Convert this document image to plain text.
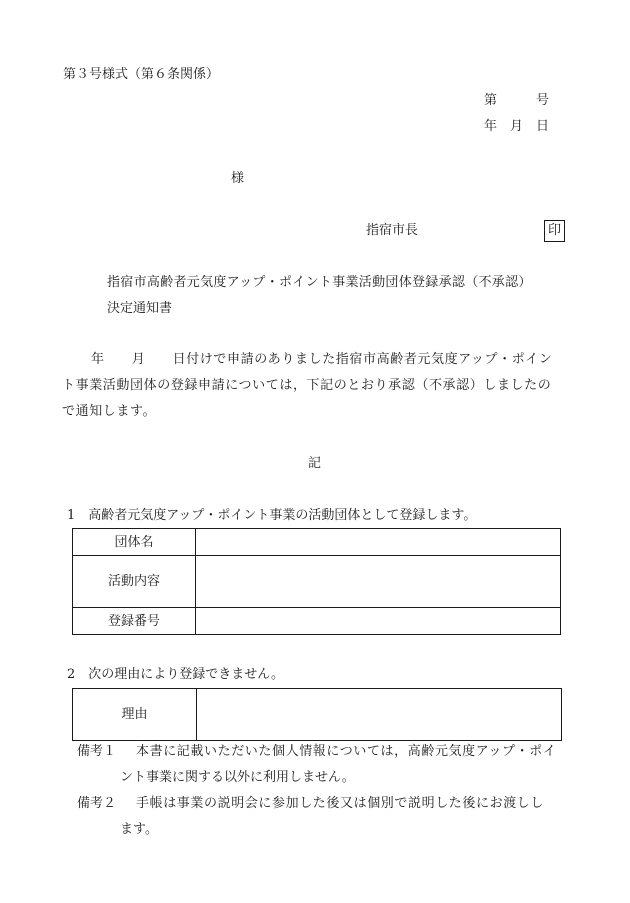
第３号様式（第６条関係）
第　　　号
年　月　日
様
指宿市長	印
指宿市高齢者元気度アップ・ポイント事業活動団体登録承認（不承認）
決定通知書
年　　月　　日付けで申請のありました指宿市高齢者元気度アップ・ポイン
ト事業活動団体の登録申請については，下記のとおり承認（不承認）しましたの
で通知します。
記
1　高齢者元気度アップ・ポイント事業の活動団体として登録します。
団体名	
活動内容	
登録番号	
2　次の理由により登録できません。
理由	
備考１ 本書に記載いただいた個人情報については，高齢元気度アップ・ポイ
ント事業に関する以外に利用しません。
備考２ 手帳は事業の説明会に参加した後又は個別で説明した後にお渡しし
ます。
